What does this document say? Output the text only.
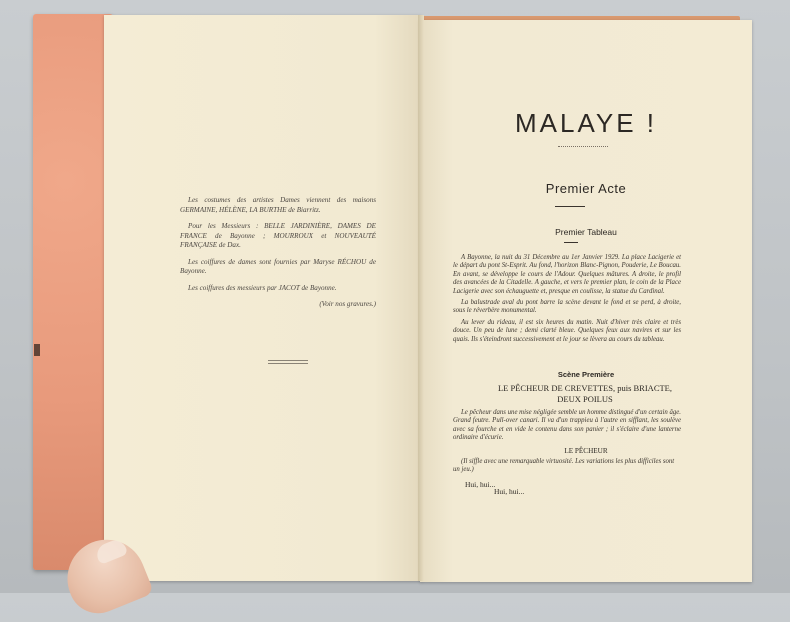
Les costumes des artistes Dames viennent des maisons GERMAINE, HÉLÈNE, LA BURTHE de Biarritz.

Pour les Messieurs : BELLE JARDINIÈRE, DAMES DE FRANCE de Bayonne ; MOURROUX et NOUVEAUTÉ FRANÇAISE de Dax.

Les coiffures de dames sont fournies par Maryse RÉCHOU de Bayonne.

Les coiffures des messieurs par JACOT de Bayonne.

(Voir nos gravures.)

MALAYE !
Premier Acte
Premier Tableau

A Bayonne, la nuit du 31 Décembre au 1er Janvier 1929. La place Lacigerie et le départ du pont St-Esprit. Au fond, l'horizon Blanc-Pignon, Pouderie, Le Boucau. En avant, se développe le cours de l'Adour. Quelques mâtures. A droite, le profil des avancées de la Citadelle. A gauche, et vers le premier plan, le coin de la Place Lacigerie avec son échauguette et, presque en coulisse, la statue du Cardinal.

La balustrade aval du pont barre la scène devant le fond et se perd, à droite, sous le réverbère monumental.

Au lever du rideau, il est six heures du matin. Nuit d'hiver très claire et très douce. Un peu de lune ; demi clarté bleue. Quelques feux aux navires et sur les quais. Ils s'éteindront successivement et le jour se lèvera au cours du tableau.

Scène Première
LE PÊCHEUR DE CREVETTES, puis BRIACTE,
DEUX POILUS

Le pêcheur dans une mise négligée semble un homme distingué d'un certain âge. Grand feutre. Pull-over canari. Il va d'un trappieu à l'autre en sifflant, les soulève avec sa fourche et en vide le contenu dans son panier ; il s'éclaire d'une lanterne ordinaire d'écurie.

LE PÊCHEUR
(Il siffle avec une remarquable virtuosité. Les variations les plus difficiles sont un jeu.)
Hui, hui...
Hui, hui...
